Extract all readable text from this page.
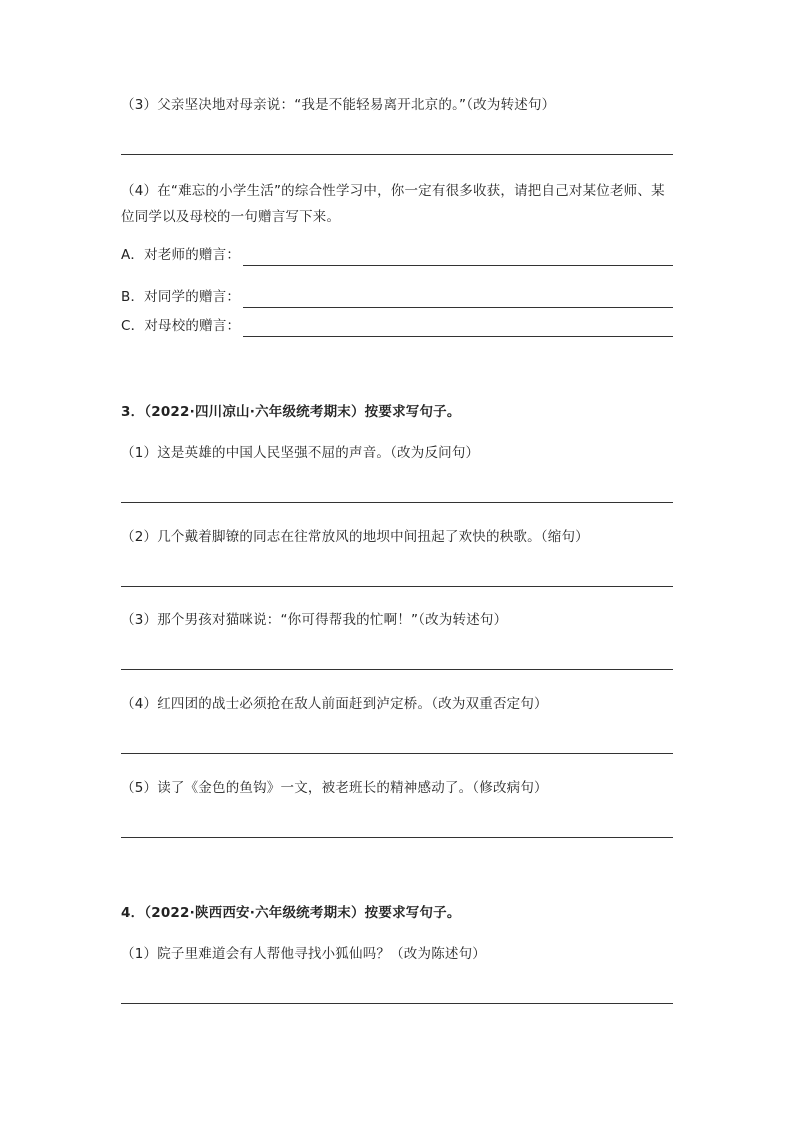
（3）父亲坚决地对母亲说：“我是不能轻易离开北京的。”（改为转述句）
（4）在“难忘的小学生活”的综合性学习中，你一定有很多收获，请把自己对某位老师、某
位同学以及母校的一句赠言写下来。
A．对老师的赠言：
B．对同学的赠言：
C．对母校的赠言：
3．（2022·四川凉山·六年级统考期末）按要求写句子。
（1）这是英雄的中国人民坚强不屈的声音。（改为反问句）
（2）几个戴着脚镣的同志在往常放风的地坝中间扭起了欢快的秧歌。（缩句）
（3）那个男孩对猫咪说：“你可得帮我的忙啊！”（改为转述句）
（4）红四团的战士必须抢在敌人前面赶到泸定桥。（改为双重否定句）
（5）读了《金色的鱼钩》一文，被老班长的精神感动了。（修改病句）
4．（2022·陕西西安·六年级统考期末）按要求写句子。
（1）院子里难道会有人帮他寻找小狐仙吗？（改为陈述句）
